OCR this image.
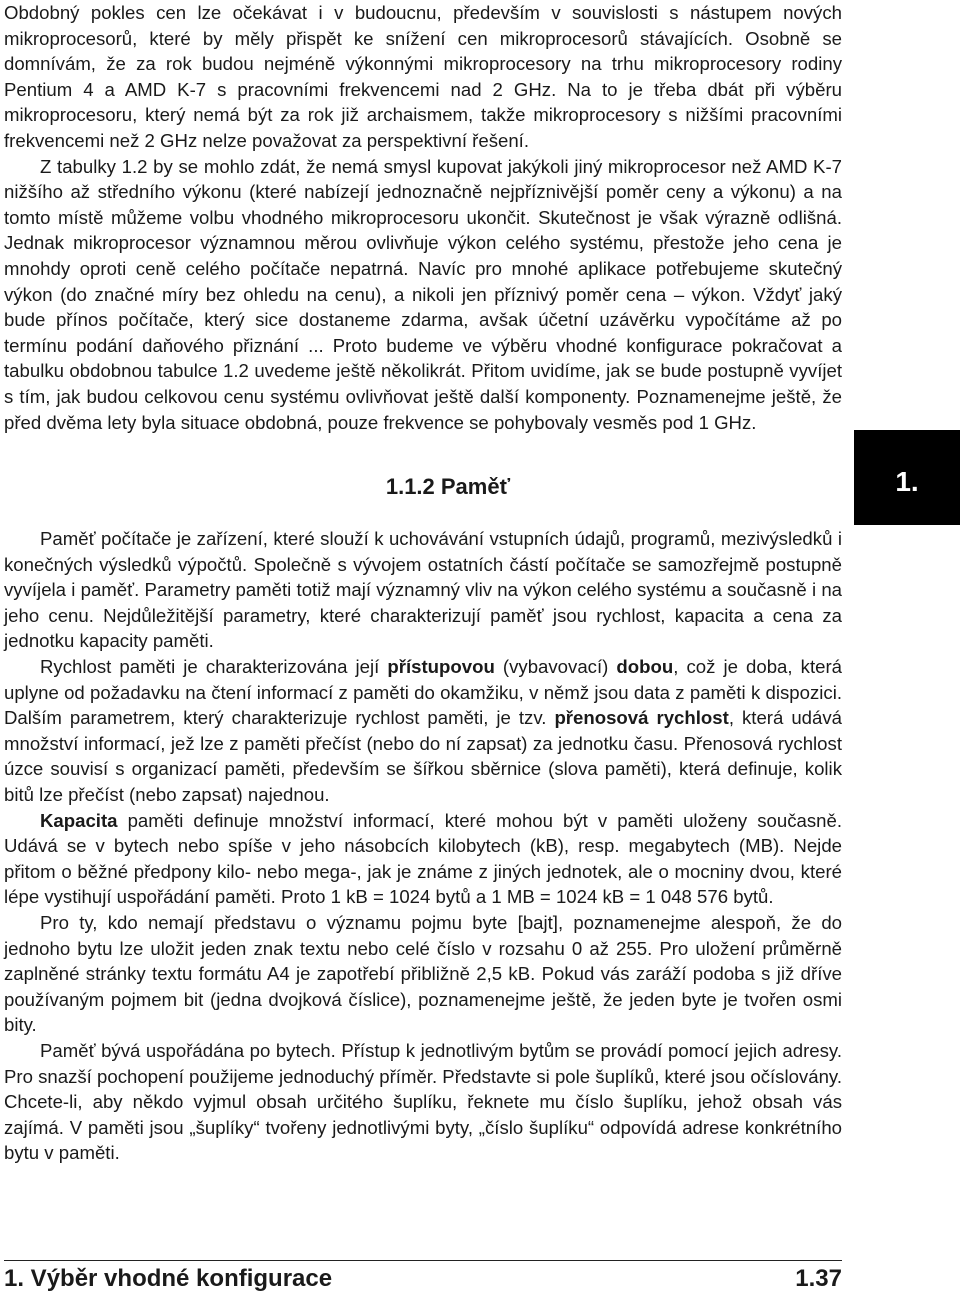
Obdobný pokles cen lze očekávat i v budoucnu, především v souvislosti s nástupem nových mikroprocesorů, které by měly přispět ke snížení cen mikroprocesorů stávajících. Osobně se domnívám, že za rok budou nejméně výkonnými mikroprocesory na trhu mikroprocesory rodiny Pentium 4 a AMD K-7 s pracovními frekvencemi nad 2 GHz. Na to je třeba dbát při výběru mikroprocesoru, který nemá být za rok již archaismem, takže mikroprocesory s nižšími pracovními frekvencemi než 2 GHz nelze považovat za perspektivní řešení.

Z tabulky 1.2 by se mohlo zdát, že nemá smysl kupovat jakýkoli jiný mikroprocesor než AMD K-7 nižšího až středního výkonu (které nabízejí jednoznačně nejpříznivější poměr ceny a výkonu) a na tomto místě můžeme volbu vhodného mikroprocesoru ukončit. Skutečnost je však výrazně odlišná. Jednak mikroprocesor významnou měrou ovlivňuje výkon celého systému, přestože jeho cena je mnohdy oproti ceně celého počítače nepatrná. Navíc pro mnohé aplikace potřebujeme skutečný výkon (do značné míry bez ohledu na cenu), a nikoli jen příznivý poměr cena – výkon. Vždyť jaký bude přínos počítače, který sice dostaneme zdarma, avšak účetní uzávěrku vypočítáme až po termínu podání daňového přiznání ... Proto budeme ve výběru vhodné konfigurace pokračovat a tabulku obdobnou tabulce 1.2 uvedeme ještě několikrát. Přitom uvidíme, jak se bude postupně vyvíjet s tím, jak budou celkovou cenu systému ovlivňovat ještě další komponenty. Poznamenejme ještě, že před dvěma lety byla situace obdobná, pouze frekvence se pohybovaly vesměs pod 1 GHz.

1.1.2 Paměť

Paměť počítače je zařízení, které slouží k uchovávání vstupních údajů, programů, mezivýsledků i konečných výsledků výpočtů. Společně s vývojem ostatních částí počítače se samozřejmě postupně vyvíjela i paměť. Parametry paměti totiž mají významný vliv na výkon celého systému a současně i na jeho cenu. Nejdůležitější parametry, které charakterizují paměť jsou rychlost, kapacita a cena za jednotku kapacity paměti.

Rychlost paměti je charakterizována její přístupovou (vybavovací) dobou, což je doba, která uplyne od požadavku na čtení informací z paměti do okamžiku, v němž jsou data z paměti k dispozici. Dalším parametrem, který charakterizuje rychlost paměti, je tzv. přenosová rychlost, která udává množství informací, jež lze z paměti přečíst (nebo do ní zapsat) za jednotku času. Přenosová rychlost úzce souvisí s organizací paměti, především se šířkou sběrnice (slova paměti), která definuje, kolik bitů lze přečíst (nebo zapsat) najednou.

Kapacita paměti definuje množství informací, které mohou být v paměti uloženy současně. Udává se v bytech nebo spíše v jeho násobcích kilobytech (kB), resp. megabytech (MB). Nejde přitom o běžné předpony kilo- nebo mega-, jak je známe z jiných jednotek, ale o mocniny dvou, které lépe vystihují uspořádání paměti. Proto 1 kB = 1024 bytů a 1 MB = 1024 kB = 1 048 576 bytů.

Pro ty, kdo nemají představu o významu pojmu byte [bajt], poznamenejme alespoň, že do jednoho bytu lze uložit jeden znak textu nebo celé číslo v rozsahu 0 až 255. Pro uložení průměrně zaplněné stránky textu formátu A4 je zapotřebí přibližně 2,5 kB. Pokud vás zaráží podoba s již dříve používaným pojmem bit (jedna dvojková číslice), poznamenejme ještě, že jeden byte je tvořen osmi bity.

Paměť bývá uspořádána po bytech. Přístup k jednotlivým bytům se provádí pomocí jejich adresy. Pro snazší pochopení použijeme jednoduchý příměr. Představte si pole šuplíků, které jsou očíslovány. Chcete-li, aby někdo vyjmul obsah určitého šuplíku, řeknete mu číslo šuplíku, jehož obsah vás zajímá. V paměti jsou „šuplíky“ tvořeny jednotlivými byty, „číslo šuplíku“ odpovídá adrese konkrétního bytu v paměti.

1.
1. Výběr vhodné konfigurace	1.37
